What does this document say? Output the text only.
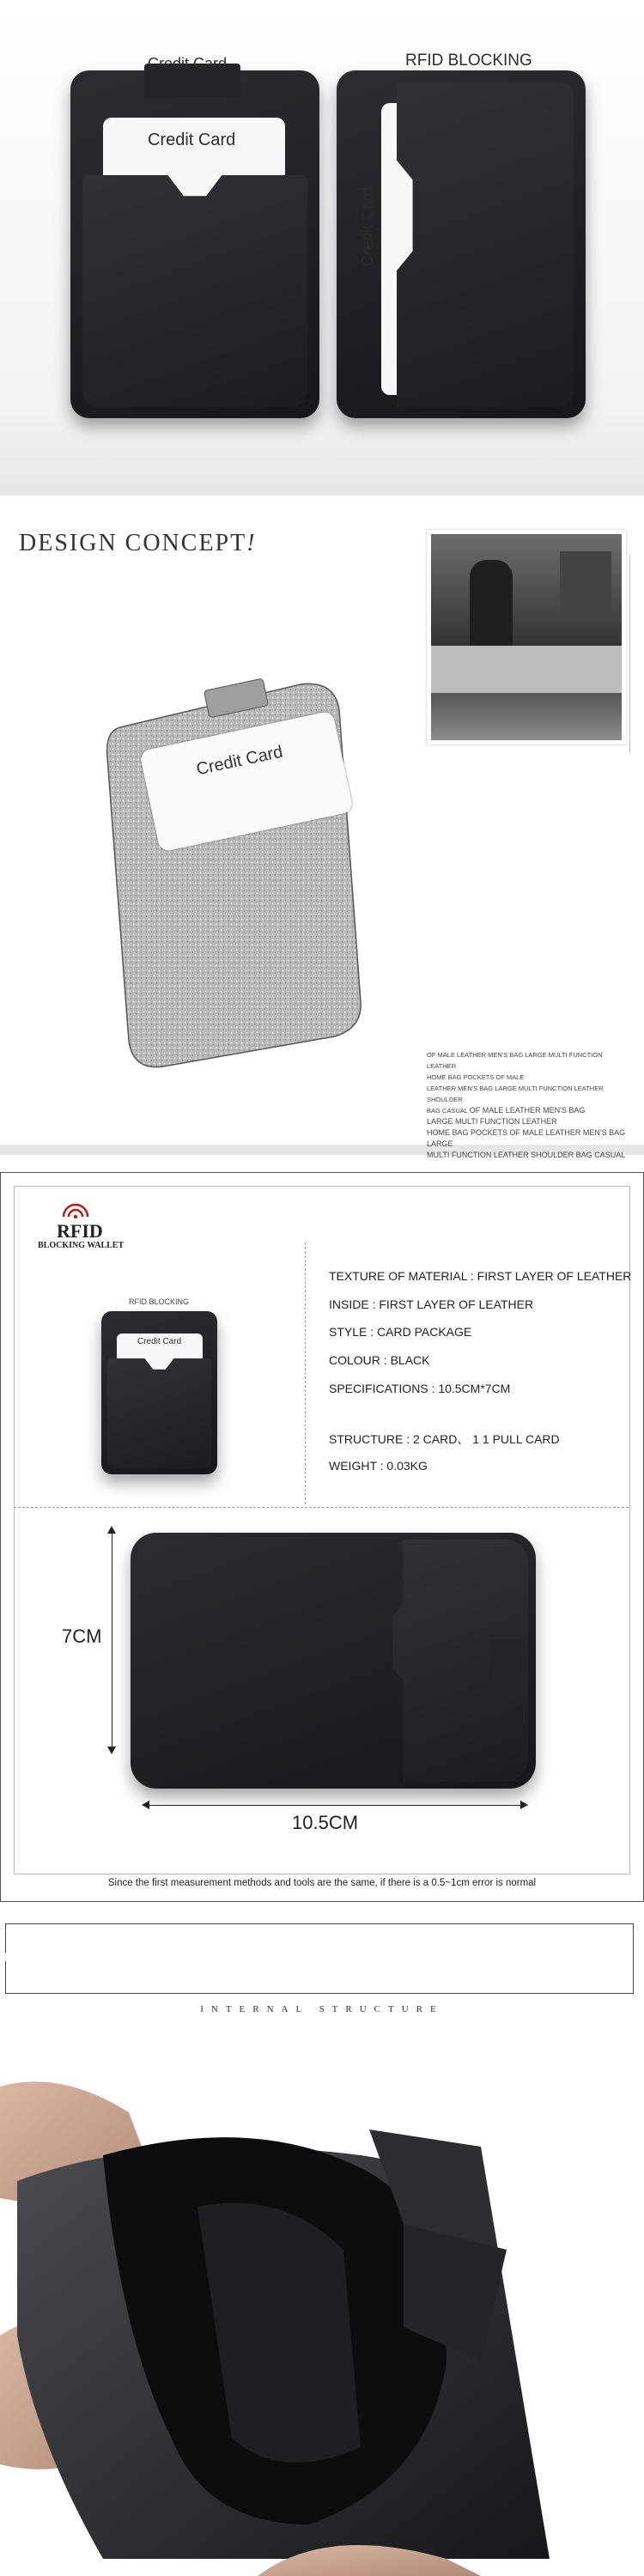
Credit Card
Credit Card	RFID BLOCKING
Credit Card
DESIGN CONCEPT!
Credit Card
OF MALE LEATHER MEN'S BAG LARGE MULTI FUNCTION LEATHER
HOME BAG POCKETS OF MALE
LEATHER MEN'S BAG LARGE MULTI FUNCTION LEATHER SHOULDER
BAG CASUAL OF MALE LEATHER MEN'S BAG
LARGE MULTI FUNCTION LEATHER
HOME BAG POCKETS OF MALE LEATHER MEN'S BAG LARGE
MULTI FUNCTION LEATHER SHOULDER BAG CASUAL
RFID
BLOCKING WALLET
RFID BLOCKING
Credit Card
TEXTURE OF MATERIAL : FIRST LAYER OF LEATHER
INSIDE : FIRST LAYER OF LEATHER
STYLE : CARD PACKAGE
COLOUR : BLACK
SPECIFICATIONS : 10.5CM*7CM
STRUCTURE : 2 CARD、 1 1 PULL CARD
WEIGHT : 0.03KG
7CM
10.5CM
Since the first measurement methods and tools are the same, if there is a 0.5~1cm error is normal
INTERNAL STRUCTURE
